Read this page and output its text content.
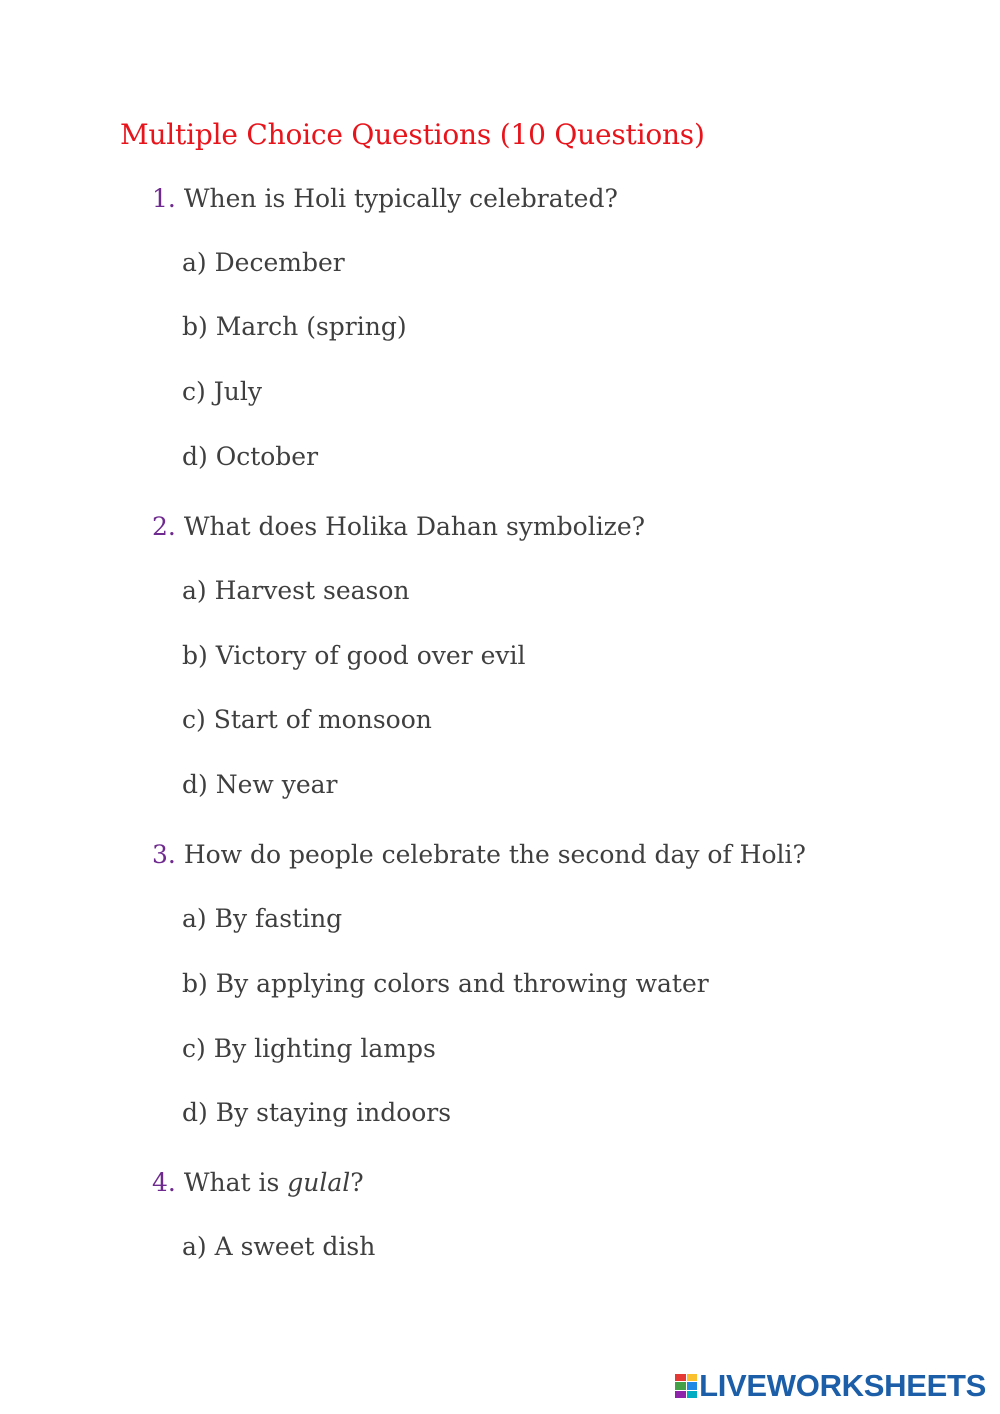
Multiple Choice Questions (10 Questions)
1. When is Holi typically celebrated?
a) December
b) March (spring)
c) July
d) October
2. What does Holika Dahan symbolize?
a) Harvest season
b) Victory of good over evil
c) Start of monsoon
d) New year
3. How do people celebrate the second day of Holi?
a) By fasting
b) By applying colors and throwing water
c) By lighting lamps
d) By staying indoors
4. What is gulal?
a) A sweet dish
LIVEWORKSHEETS
